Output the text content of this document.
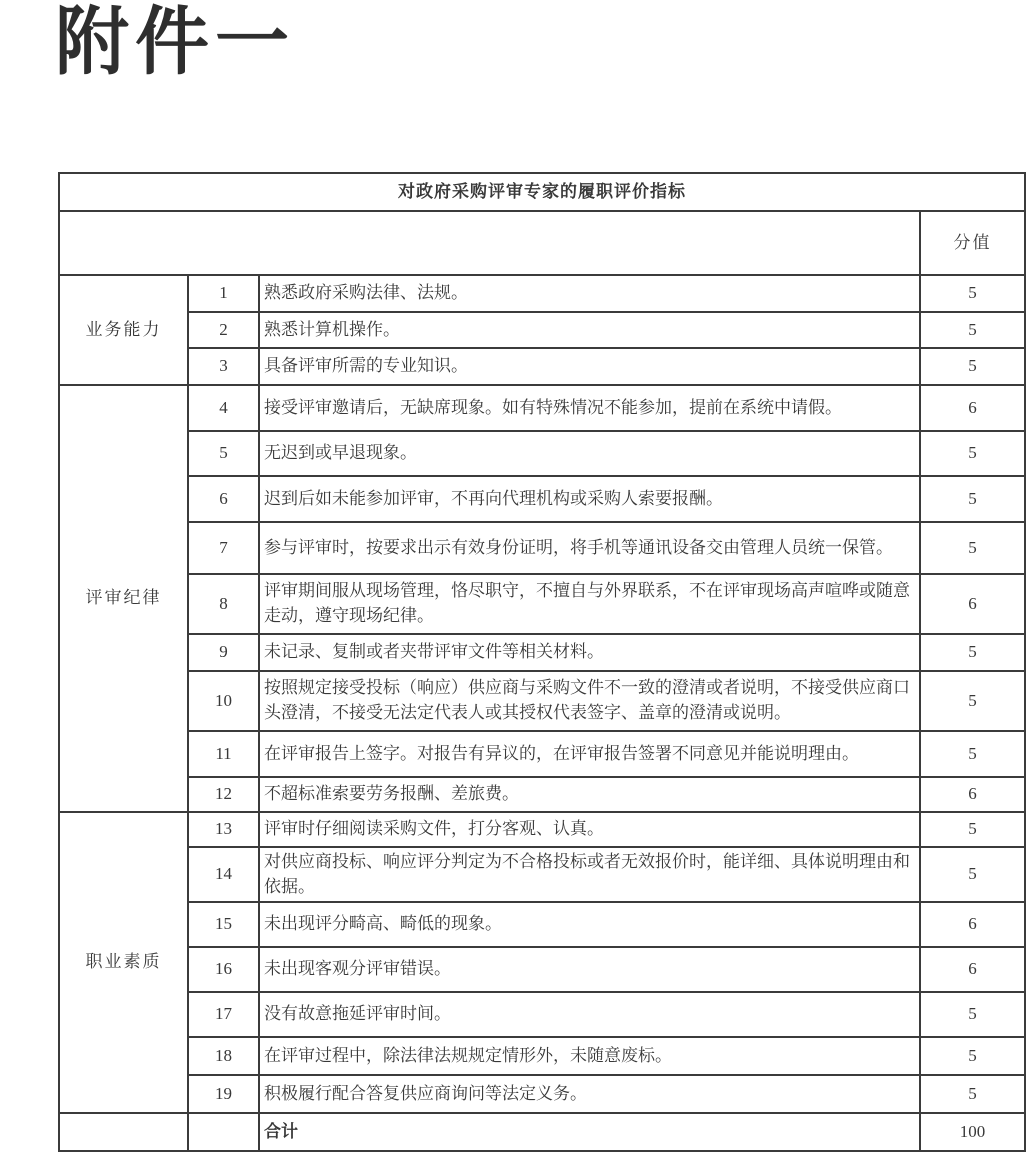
附件一
对政府采购评审专家的履职评价指标			
			分值
业务能力	1	熟悉政府采购法律、法规。	5
	2	熟悉计算机操作。	5
	3	具备评审所需的专业知识。	5
评审纪律	4	接受评审邀请后，无缺席现象。如有特殊情况不能参加，提前在系统中请假。	6
	5	无迟到或早退现象。	5
	6	迟到后如未能参加评审，不再向代理机构或采购人索要报酬。	5
	7	参与评审时，按要求出示有效身份证明，将手机等通讯设备交由管理人员统一保管。	5
	8	评审期间服从现场管理，恪尽职守，不擅自与外界联系，不在评审现场高声喧哗或随意走动，遵守现场纪律。	6
	9	未记录、复制或者夹带评审文件等相关材料。	5
	10	按照规定接受投标（响应）供应商与采购文件不一致的澄清或者说明，不接受供应商口头澄清，不接受无法定代表人或其授权代表签字、盖章的澄清或说明。	5
	11	在评审报告上签字。对报告有异议的，在评审报告签署不同意见并能说明理由。	5
	12	不超标准索要劳务报酬、差旅费。	6
职业素质	13	评审时仔细阅读采购文件，打分客观、认真。	5
	14	对供应商投标、响应评分判定为不合格投标或者无效报价时，能详细、具体说明理由和依据。	5
	15	未出现评分畸高、畸低的现象。	6
	16	未出现客观分评审错误。	6
	17	没有故意拖延评审时间。	5
	18	在评审过程中，除法律法规规定情形外，未随意废标。	5
	19	积极履行配合答复供应商询问等法定义务。	5
		合计	100
